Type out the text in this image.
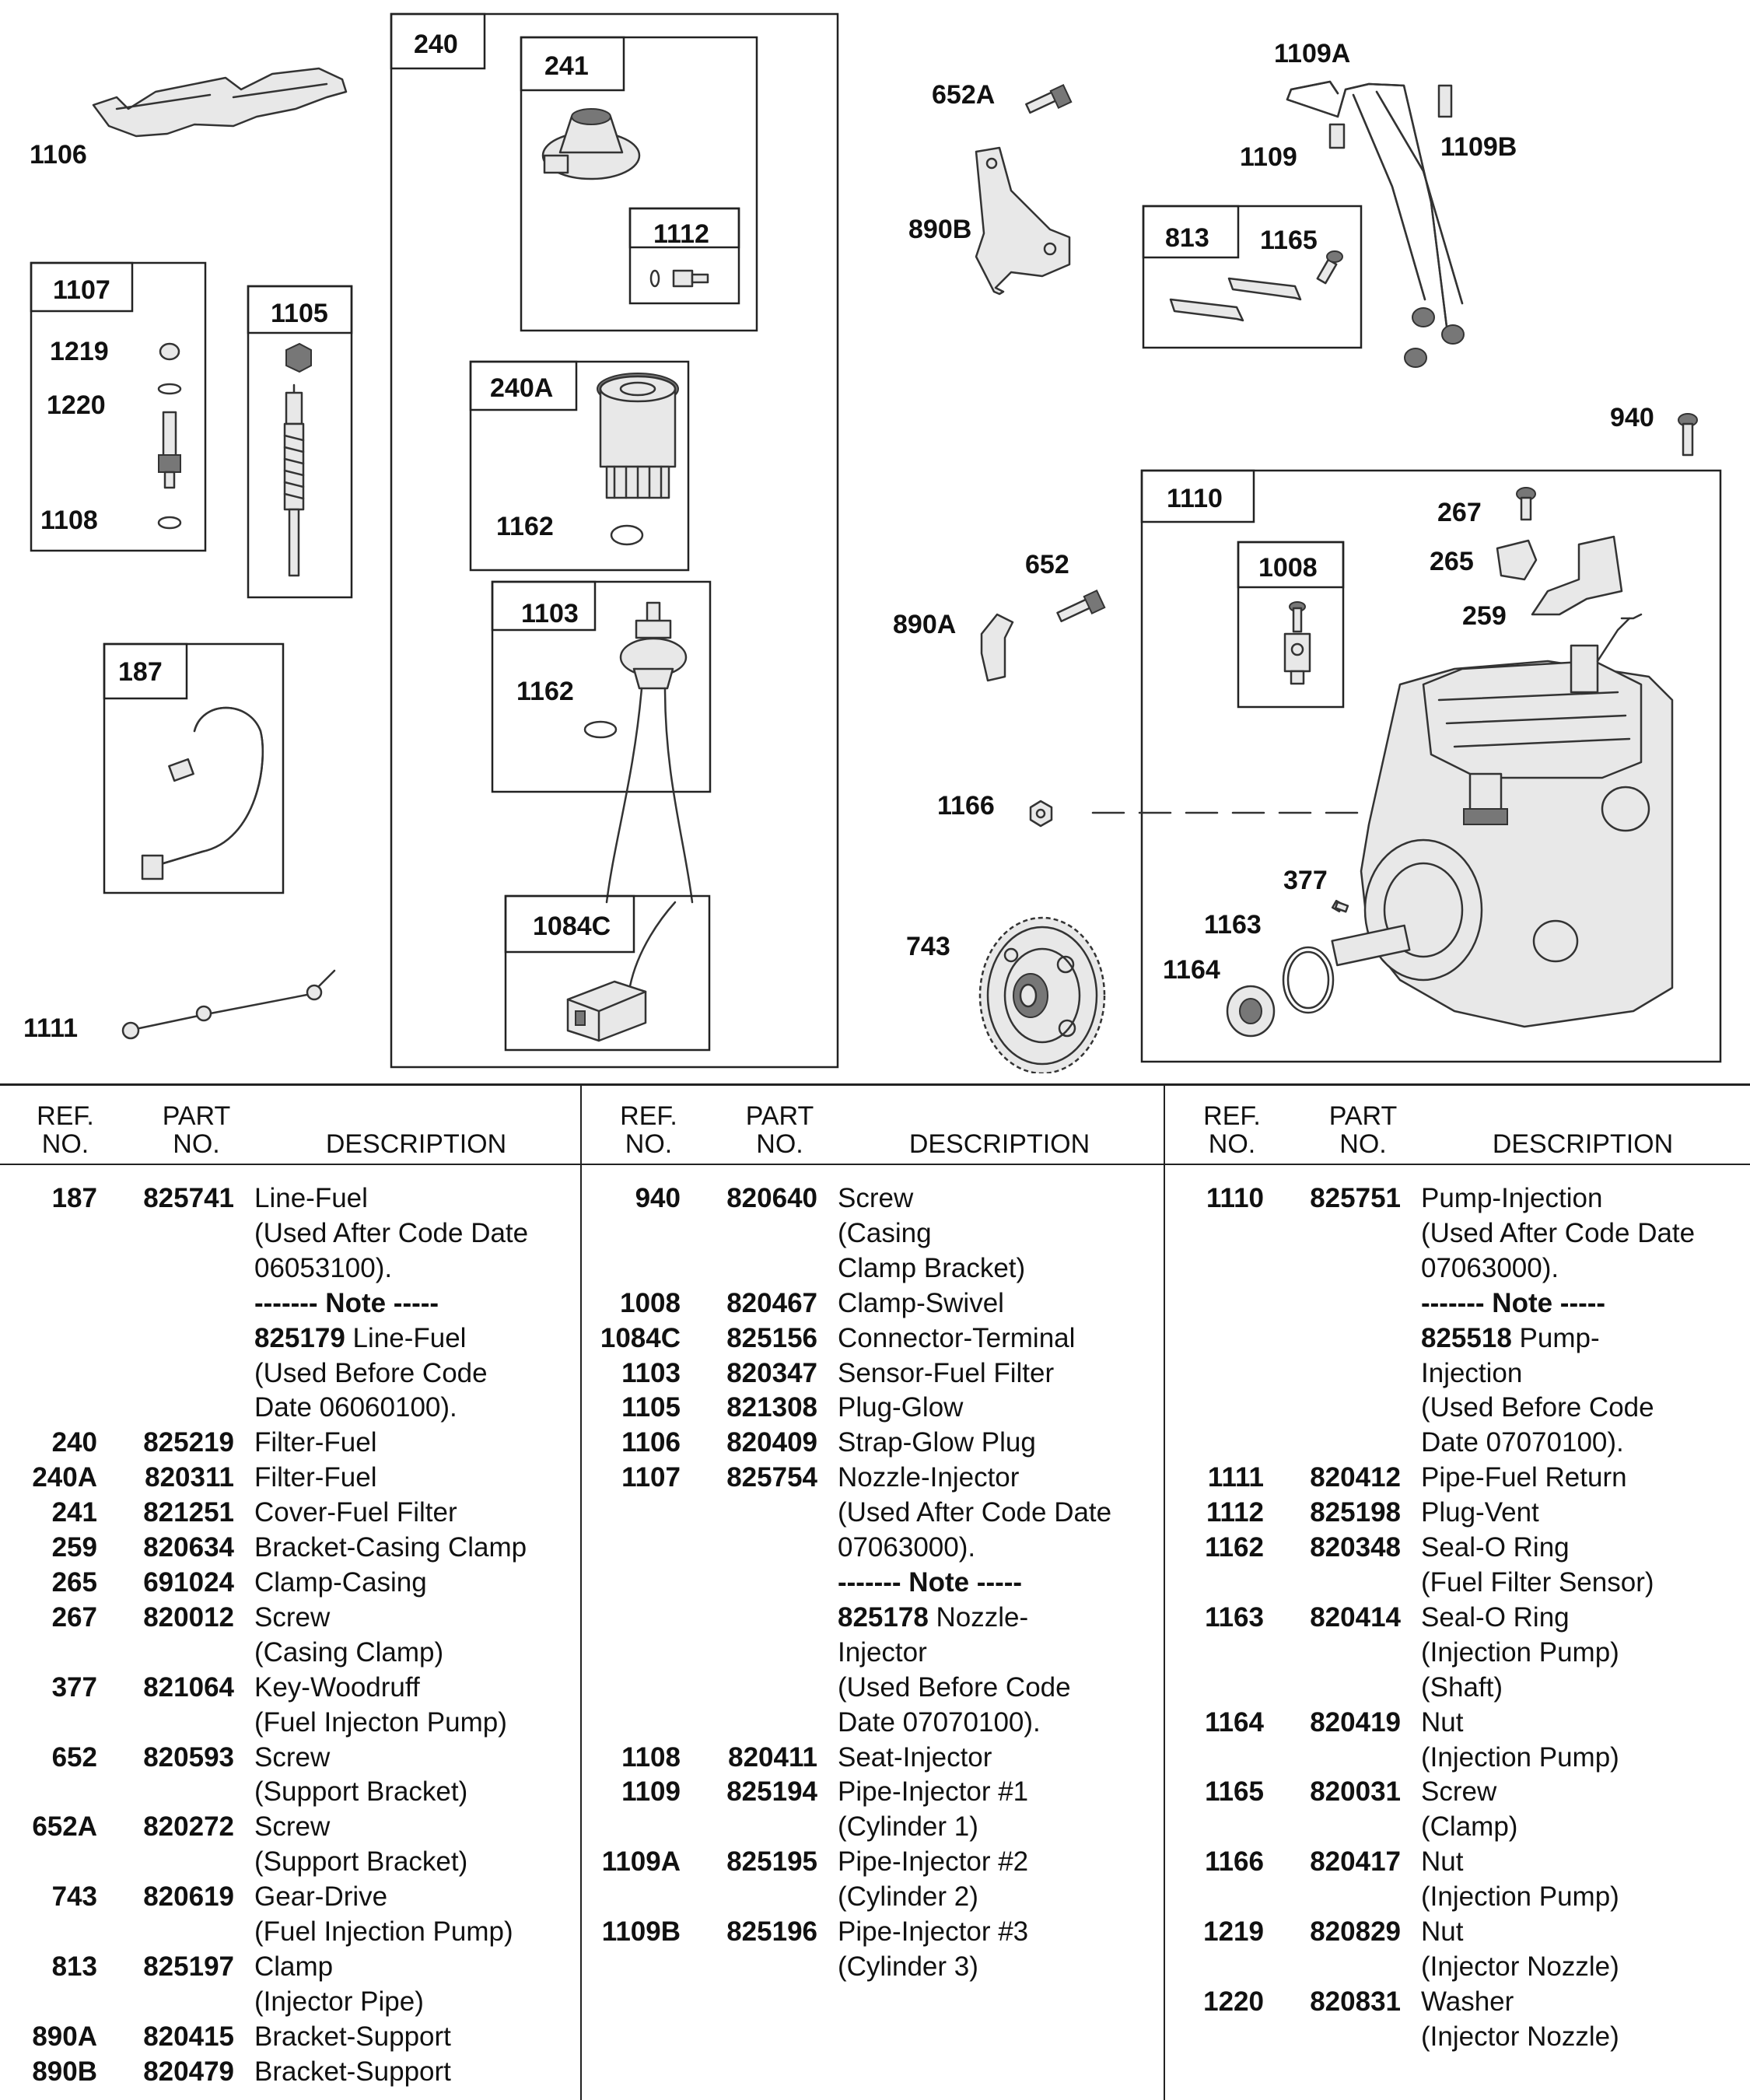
1106
1107
1219
1220
1108
1105
187
1111
240
241
1112
240A
1162
1103
1162
1084C
652A
890B
1109A
1109	1109B
813 1165
940
1110	267
265
259
1008
652
890A
1166
377
1163
1164
743
REF.
NO.
PART
NO.	DESCRIPTION
187	825741 Line-Fuel
(Used After Code Date
06053100).
------- Note -----
825179 Line-Fuel
(Used Before Code
Date 06060100).
240	825219 Filter-Fuel
240A	820311 Filter-Fuel
241	821251 Cover-Fuel Filter
259	820634 Bracket-Casing Clamp
265	691024 Clamp-Casing
267	820012 Screw
(Casing Clamp)
377	821064 Key-Woodruff
(Fuel Injecton Pump)
652	820593 Screw
(Support Bracket)
652A	820272 Screw
(Support Bracket)
743	820619 Gear-Drive
(Fuel Injection Pump)
813	825197 Clamp
(Injector Pipe)
890A	820415 Bracket-Support
890B	820479 Bracket-Support
REF.
NO.
PART
NO.	DESCRIPTION
940	820640 Screw
(Casing
Clamp Bracket)
1008	820467 Clamp-Swivel
1084C	825156 Connector-Terminal
1103	820347 Sensor-Fuel Filter
1105	821308 Plug-Glow
1106	820409 Strap-Glow Plug
1107	825754 Nozzle-Injector
(Used After Code Date
07063000).
------- Note -----
825178 Nozzle-
Injector
(Used Before Code
Date 07070100).
1108	820411 Seat-Injector
1109	825194 Pipe-Injector #1
(Cylinder 1)
1109A	825195 Pipe-Injector #2
(Cylinder 2)
1109B	825196 Pipe-Injector #3
(Cylinder 3)
REF.
NO.
PART
NO.	DESCRIPTION
1110	825751 Pump-Injection
(Used After Code Date
07063000).
------- Note -----
825518 Pump-
Injection
(Used Before Code
Date 07070100).
1111	820412 Pipe-Fuel Return
1112	825198 Plug-Vent
1162	820348 Seal-O Ring
(Fuel Filter Sensor)
1163	820414 Seal-O Ring
(Injection Pump)
(Shaft)
1164	820419 Nut
(Injection Pump)
1165	820031 Screw
(Clamp)
1166	820417 Nut
(Injection Pump)
1219	820829 Nut
(Injector Nozzle)
1220	820831 Washer
(Injector Nozzle)
